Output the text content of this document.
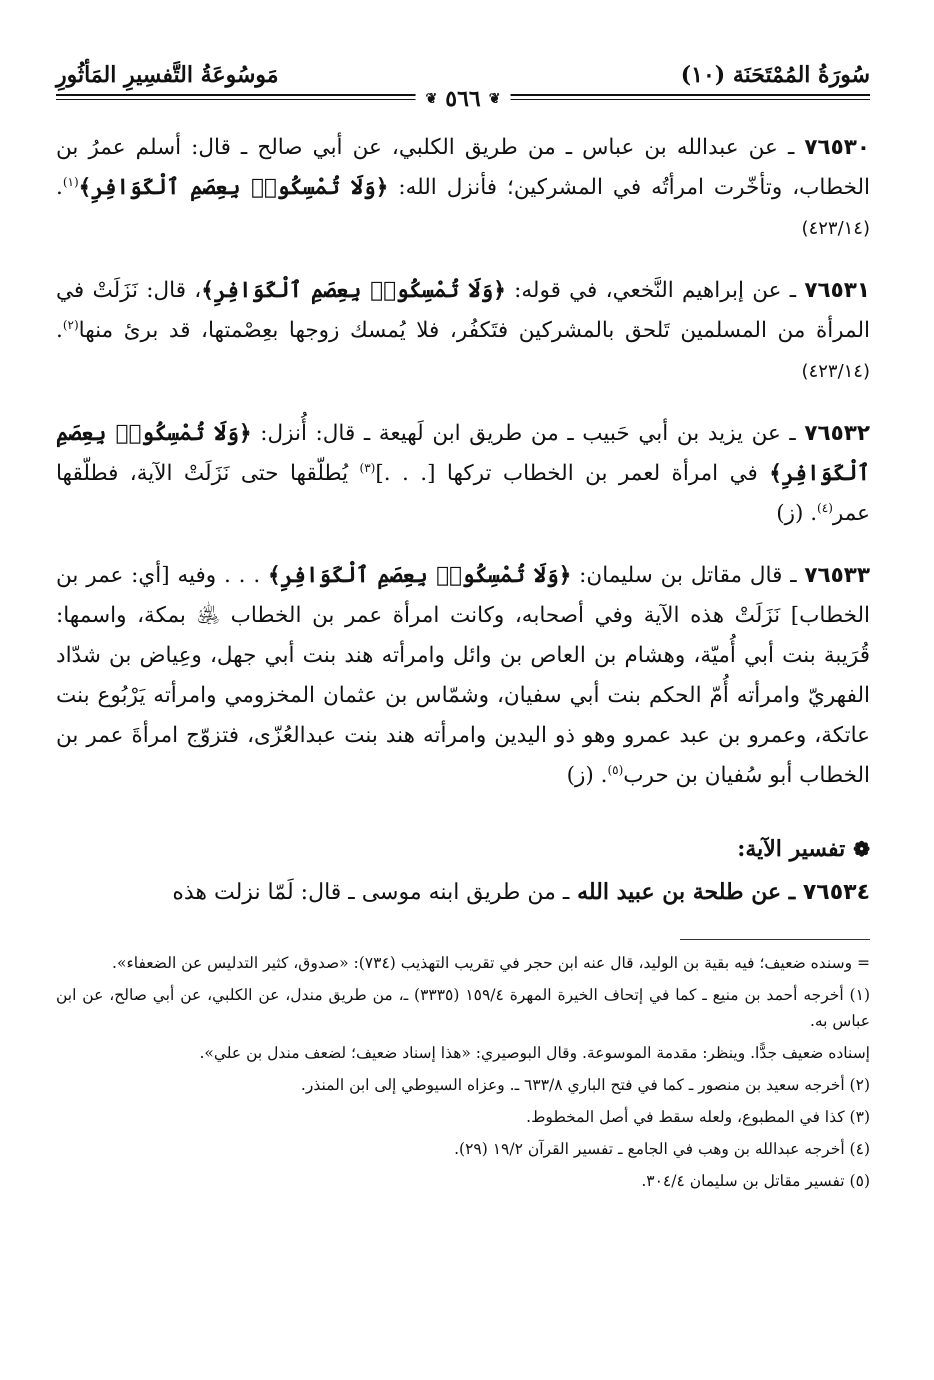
سُورَةُ المُمْتَحَنَة (١٠)
مَوسُوعَةُ التَّفسِيرِ المَأثُورِ
❦
٥٦٦
❦

٧٦٥٣٠ ـ عن عبدالله بن عباس ـ من طريق الكلبي، عن أبي صالح ـ قال: أسلم عمرُ بن الخطاب، وتأخّرت امرأتُه في المشركين؛ فأنزل الله: ﴿وَلَا تُمْسِكُوا۟ بِعِصَمِ ٱلْكَوَافِرِ﴾$^{(١)}$. (٤٢٣/١٤)

٧٦٥٣١ ـ عن إبراهيم النَّخعي، في قوله: ﴿وَلَا تُمْسِكُوا۟ بِعِصَمِ ٱلْكَوَافِرِ﴾، قال: نَزَلَتْ في المرأة من المسلمين تَلحق بالمشركين فتَكفُر، فلا يُمسك زوجها بعِصْمتها، قد برئ منها$^{(٢)}$. (٤٢٣/١٤)

٧٦٥٣٢ ـ عن يزيد بن أبي حَبيب ـ من طريق ابن لَهيعة ـ قال: أُنزل: ﴿وَلَا تُمْسِكُوا۟ بِعِصَمِ ٱلْكَوَافِرِ﴾ في امرأة لعمر بن الخطاب تركها [. . .]$^{(٣)}$ يُطلّقها حتى نَزَلَتْ الآية، فطلّقها عمر$^{(٤)}$. (ز)

٧٦٥٣٣ ـ قال مقاتل بن سليمان: ﴿وَلَا تُمْسِكُوا۟ بِعِصَمِ ٱلْكَوَافِرِ﴾ . . . وفيه [أي: عمر بن الخطاب] نَزَلَتْ هذه الآية وفي أصحابه، وكانت امرأة عمر بن الخطاب ﵁ بمكة، واسمها: قُرَيبة بنت أبي أُميّة، وهشام بن العاص بن وائل وامرأته هند بنت أبي جهل، وعِياض بن شدّاد الفهريّ وامرأته أُمّ الحكم بنت أبي سفيان، وشمّاس بن عثمان المخزومي وامرأته يَرْبُوع بنت عاتكة، وعمرو بن عبد عمرو وهو ذو اليدين وامرأته هند بنت عبدالعُزّى، فتزوّج امرأةَ عمر بن الخطاب أبو سُفيان بن حرب$^{(٥)}$. (ز)

❁
تفسير الآية:

٧٦٥٣٤ ـ عن طلحة بن عبيد الله ـ من طريق ابنه موسى ـ قال: لَمّا نزلت هذه

= وسنده ضعيف؛ فيه بقية بن الوليد، قال عنه ابن حجر في تقريب التهذيب (٧٣٤): «صدوق، كثير التدليس عن الضعفاء».

(١) أخرجه أحمد بن منيع ـ كما في إتحاف الخيرة المهرة ١٥٩/٤ (٣٣٣٥) ـ، من طريق مندل، عن الكلبي، عن أبي صالح، عن ابن عباس به.

إسناده ضعيف جدًّا. وينظر: مقدمة الموسوعة. وقال البوصيري: «هذا إسناد ضعيف؛ لضعف مندل بن علي».

(٢) أخرجه سعيد بن منصور ـ كما في فتح الباري ٦٣٣/٨ ـ. وعزاه السيوطي إلى ابن المنذر.

(٣) كذا في المطبوع، ولعله سقط في أصل المخطوط.

(٤) أخرجه عبدالله بن وهب في الجامع ـ تفسير القرآن ١٩/٢ (٢٩).

(٥) تفسير مقاتل بن سليمان ٣٠٤/٤.
